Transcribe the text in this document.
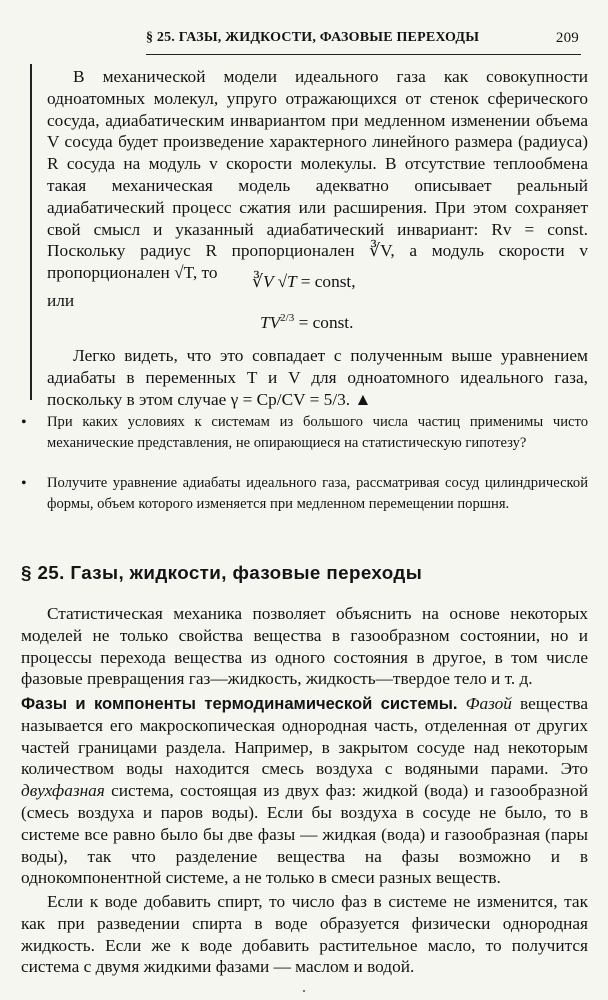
§ 25. ГАЗЫ, ЖИДКОСТИ, ФАЗОВЫЕ ПЕРЕХОДЫ	209

В механической модели идеального газа как совокупности одноатомных молекул, упруго отражающихся от стенок сферического сосуда, адиабатическим инвариантом при медленном изменении объема V сосуда будет произведение характерного линейного размера (радиуса) R сосуда на модуль v скорости молекулы. В отсутствие теплообмена такая механическая модель адекватно описывает реальный адиабатический процесс сжатия или расширения. При этом сохраняет свой смысл и указанный адиабатический инвариант: Rv = const. Поскольку радиус R пропорционален ∛V, а модуль скорости v пропорционален √T, то	∛V √T = const,
или
$TV^{2/3}$ = const.

Легко видеть, что это совпадает с полученным выше уравнением адиабаты в переменных T и V для одноатомного идеального газа, поскольку в этом случае γ = Cp/CV = 5/3. ▲

• При каких условиях к системам из большого числа частиц применимы чисто механические представления, не опирающиеся на статистическую гипотезу?
• Получите уравнение адиабаты идеального газа, рассматривая сосуд цилиндрической формы, объем которого изменяется при медленном перемещении поршня.
§ 25. Газы, жидкости, фазовые переходы

Статистическая механика позволяет объяснить на основе некоторых моделей не только свойства вещества в газообразном состоянии, но и процессы перехода вещества из одного состояния в другое, в том числе фазовые превращения газ—жидкость, жидкость—твердое тело и т. д.

Фазы и компоненты термодинамической системы. Фазой вещества называется его макроскопическая однородная часть, отделенная от других частей границами раздела. Например, в закрытом сосуде над некоторым количеством воды находится смесь воздуха с водяными парами. Это двухфазная система, состоящая из двух фаз: жидкой (вода) и газообразной (смесь воздуха и паров воды). Если бы воздуха в сосуде не было, то в системе все равно было бы две фазы — жидкая (вода) и газообразная (пары воды), так что разделение вещества на фазы возможно и в однокомпонентной системе, а не только в смеси разных веществ.

Если к воде добавить спирт, то число фаз в системе не изменится, так как при разведении спирта в воде образуется физически однородная жидкость. Если же к воде добавить растительное масло, то получится система с двумя жидкими фазами — маслом и водой.
